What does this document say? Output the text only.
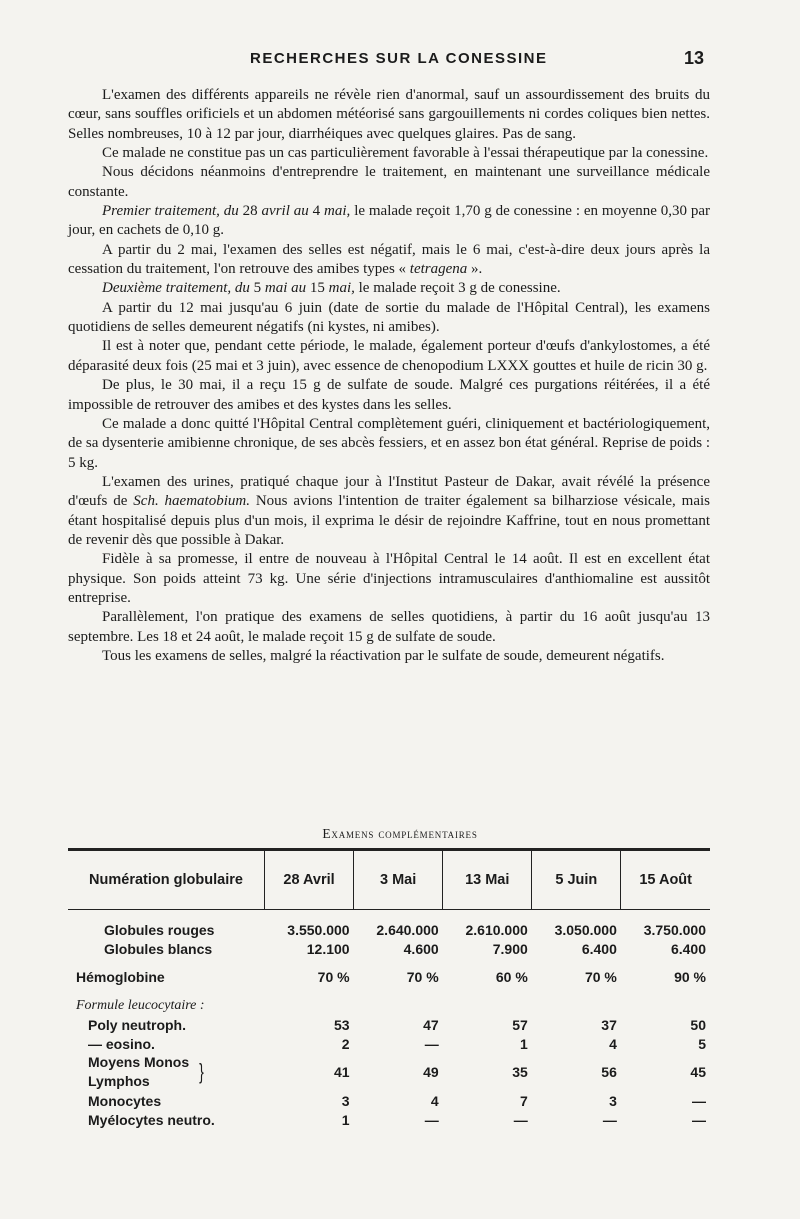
RECHERCHES SUR LA CONESSINE	13

L'examen des différents appareils ne révèle rien d'anormal, sauf un assourdissement des bruits du cœur, sans souffles orificiels et un abdomen météorisé sans gargouillements ni cordes coliques bien nettes. Selles nombreuses, 10 à 12 par jour, diarrhéiques avec quelques glaires. Pas de sang.

Ce malade ne constitue pas un cas particulièrement favorable à l'essai thérapeutique par la conessine.

Nous décidons néanmoins d'entreprendre le traitement, en maintenant une surveillance médicale constante.

Premier traitement, du 28 avril au 4 mai, le malade reçoit 1,70 g de conessine : en moyenne 0,30 par jour, en cachets de 0,10 g.

A partir du 2 mai, l'examen des selles est négatif, mais le 6 mai, c'est-à-dire deux jours après la cessation du traitement, l'on retrouve des amibes types « tetragena ».

Deuxième traitement, du 5 mai au 15 mai, le malade reçoit 3 g de conessine.

A partir du 12 mai jusqu'au 6 juin (date de sortie du malade de l'Hôpital Central), les examens quotidiens de selles demeurent négatifs (ni kystes, ni amibes).

Il est à noter que, pendant cette période, le malade, également porteur d'œufs d'ankylostomes, a été déparasité deux fois (25 mai et 3 juin), avec essence de chenopodium LXXX gouttes et huile de ricin 30 g.

De plus, le 30 mai, il a reçu 15 g de sulfate de soude. Malgré ces purgations réitérées, il a été impossible de retrouver des amibes et des kystes dans les selles.

Ce malade a donc quitté l'Hôpital Central complètement guéri, cliniquement et bactériologiquement, de sa dysenterie amibienne chronique, de ses abcès fessiers, et en assez bon état général. Reprise de poids : 5 kg.

L'examen des urines, pratiqué chaque jour à l'Institut Pasteur de Dakar, avait révélé la présence d'œufs de Sch. haematobium. Nous avions l'intention de traiter également sa bilharziose vésicale, mais étant hospitalisé depuis plus d'un mois, il exprima le désir de rejoindre Kaffrine, tout en nous promettant de revenir dès que possible à Dakar.

Fidèle à sa promesse, il entre de nouveau à l'Hôpital Central le 14 août. Il est en excellent état physique. Son poids atteint 73 kg. Une série d'injections intramusculaires d'anthiomaline est aussitôt entreprise.

Parallèlement, l'on pratique des examens de selles quotidiens, à partir du 16 août jusqu'au 13 septembre. Les 18 et 24 août, le malade reçoit 15 g de sulfate de soude.

Tous les examens de selles, malgré la réactivation par le sulfate de soude, demeurent négatifs.

Examens complémentaires
Numération globulaire	28 Avril	3 Mai	13 Mai	5 Juin	15 Août

Globules rouges	3.550.000	2.640.000	2.610.000	3.050.000	3.750.000
Globules blancs	12.100	4.600	7.900	6.400	6.400
Hémoglobine	70 %	70 %	60 %	70 %	90 %
Formule leucocytaire :					
Poly neutroph.	53	47	57	37	50
— eosino.	2	—	1	4	5
Moyens Monos
Lymphos }	41	49	35	56	45
Monocytes	3	4	7	3	—
Myélocytes neutro.	1	—	—	—	—
